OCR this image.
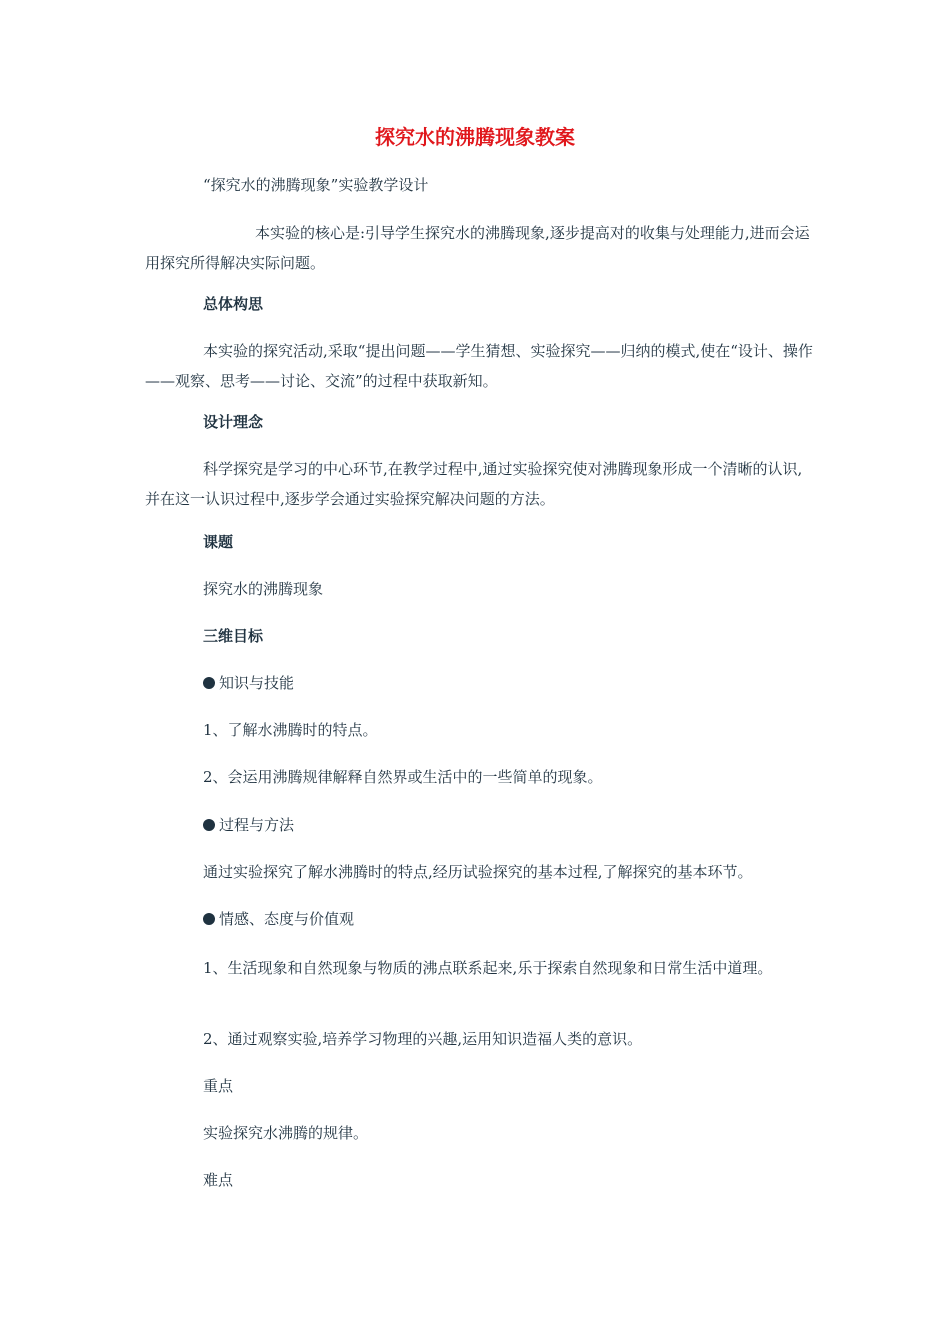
探究水的沸腾现象教案

“探究水的沸腾现象”实验教学设计

本实验的核心是:引导学生探究水的沸腾现象,逐步提高对的收集与处理能力,进而会运用探究所得解决实际问题。

总体构思

本实验的探究活动,采取“提出问题——学生猜想、实验探究——归纳的模式,使在“设计、操作——观察、思考——讨论、交流”的过程中获取新知。

设计理念

科学探究是学习的中心环节,在教学过程中,通过实验探究使对沸腾现象形成一个清晰的认识,并在这一认识过程中,逐步学会通过实验探究解决问题的方法。

课题

探究水的沸腾现象

三维目标

知识与技能

1、了解水沸腾时的特点。

2、会运用沸腾规律解释自然界或生活中的一些简单的现象。

过程与方法

通过实验探究了解水沸腾时的特点,经历试验探究的基本过程,了解探究的基本环节。

情感、态度与价值观

1、生活现象和自然现象与物质的沸点联系起来,乐于探索自然现象和日常生活中道理。

2、通过观察实验,培养学习物理的兴趣,运用知识造福人类的意识。

重点

实验探究水沸腾的规律。

难点
